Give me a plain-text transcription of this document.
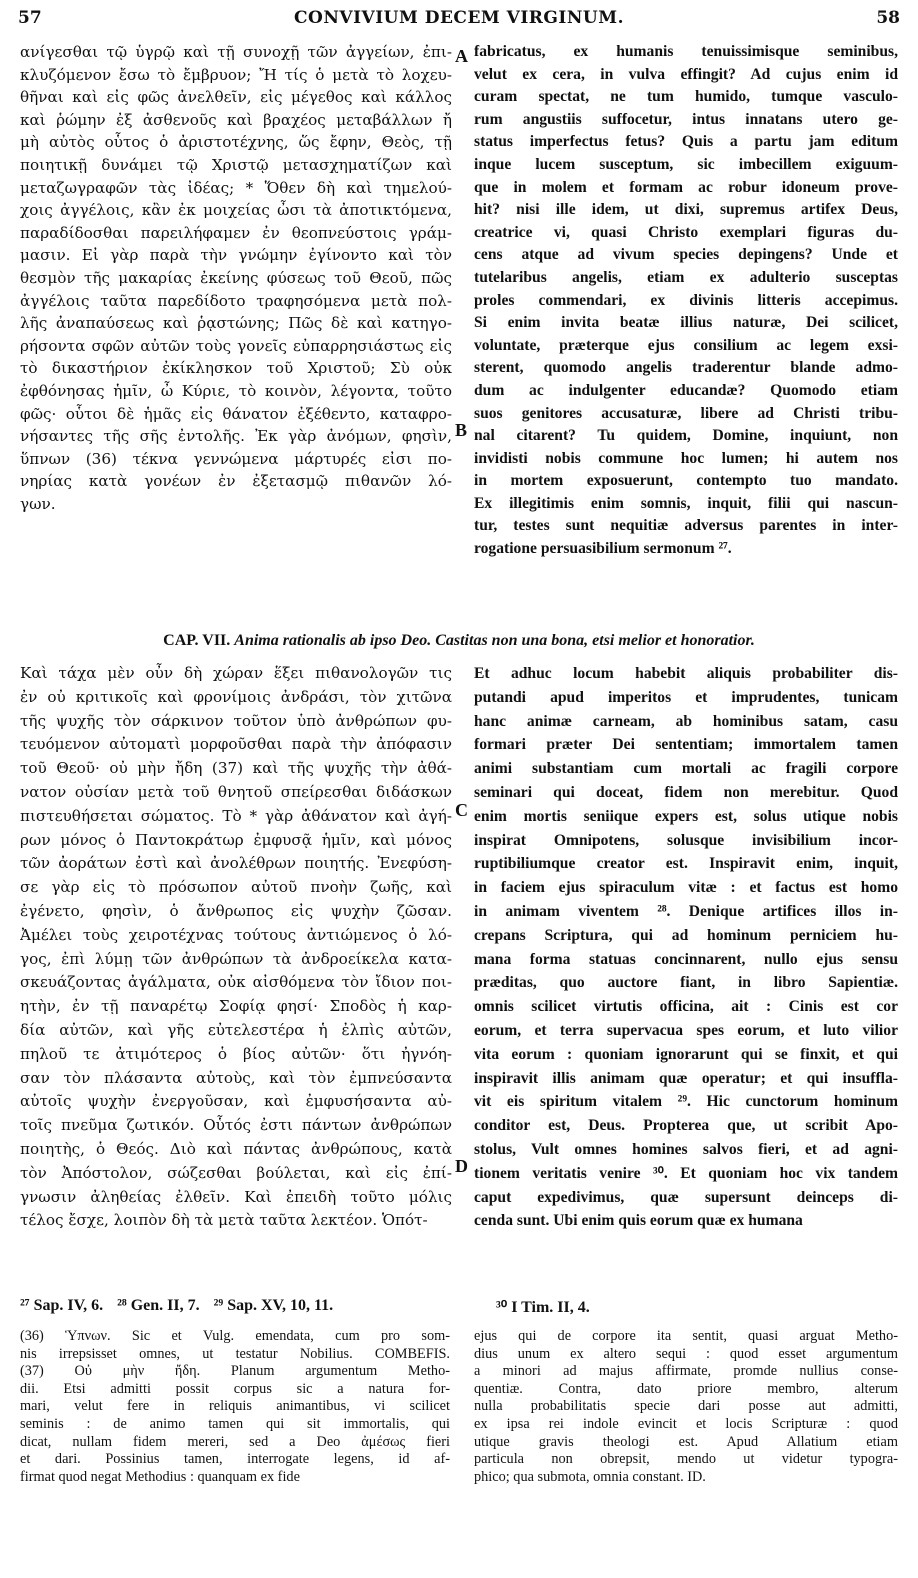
57	CONVIVIUM DECEM VIRGINUM.	58
ανίγεσθαι τῷ ὑγρῷ καὶ τῇ συνοχῇ τῶν ἀγγείων, ἐπι-
κλυζόμενον ἔσω τὸ ἔμβρυον; Ἤ τίς ὁ μετὰ τὸ λοχευ-
θῆναι καὶ εἰς φῶς ἀνελθεῖν, εἰς μέγεθος καὶ κάλλος
καὶ ῥώμην ἐξ ἀσθενοῦς καὶ βραχέος μεταβάλλων ἤ
μὴ αὐτὸς οὗτος ὁ ἀριστοτέχνης, ὥς ἔφην, Θεὸς, τῇ
ποιητικῇ δυνάμει τῷ Χριστῷ μετασχηματίζων καὶ
μεταζωγραφῶν τὰς ἰδέας; * Ὅθεν δὴ καὶ τημελού-
χοις ἀγγέλοις, κἂν ἐκ μοιχείας ὦσι τὰ ἀποτικτόμενα,
παραδίδοσθαι παρειλήφαμεν ἐν θεοπνεύστοις γράμ-
μασιν. Εἰ γὰρ παρὰ τὴν γνώμην ἐγίνοντο καὶ τὸν
θεσμὸν τῆς μακαρίας ἐκείνης φύσεως τοῦ Θεοῦ, πῶς
ἀγγέλοις ταῦτα παρεδίδοτο τραφησόμενα μετὰ πολ-
λῆς ἀναπαύσεως καὶ ῥᾳστώνης; Πῶς δὲ καὶ κατηγο-
ρήσοντα σφῶν αὐτῶν τοὺς γονεῖς εὐπαρρησιάστως εἰς
τὸ δικαστήριον ἐκίκλησκον τοῦ Χριστοῦ; Σὺ οὐκ
ἐφθόνησας ἡμῖν, ὦ Κύριε, τὸ κοινὸν, λέγοντα, τοῦτο
φῶς· οὗτοι δὲ ἡμᾶς εἰς θάνατον ἐξέθεντο, καταφρο-
νήσαντες τῆς σῆς ἐντολῆς. Ἐκ γὰρ ἀνόμων, φησὶν,
ὕπνων (36) τέκνα γεννώμενα μάρτυρές εἰσι πο-
νηρίας κατὰ γονέων ἐν ἐξετασμῷ πιθανῶν λό-
γων.
fabricatus, ex humanis tenuissimisque seminibus,
velut ex cera, in vulva effingit? Ad cujus enim id
curam spectat, ne tum humido, tumque vasculo-
rum angustiis suffocetur, intus innatans utero ge-
status imperfectus fetus? Quis a partu jam editum
inque lucem susceptum, sic imbecillem exiguum-
que in molem et formam ac robur idoneum prove-
hit? nisi ille idem, ut dixi, supremus artifex Deus,
creatrice vi, quasi Christo exemplari figuras du-
cens atque ad vivum species depingens? Unde et
tutelaribus angelis, etiam ex adulterio susceptas
proles commendari, ex divinis litteris accepimus.
Si enim invita beatæ illius naturæ, Dei scilicet,
voluntate, præterque ejus consilium ac legem exsi-
sterent, quomodo angelis traderentur blande admo-
dum ac indulgenter educandæ? Quomodo etiam
suos genitores accusaturæ, libere ad Christi tribu-
nal citarent? Tu quidem, Domine, inquiunt, non
invidisti nobis commune hoc lumen; hi autem nos
in mortem exposuerunt, contempto tuo mandato.
Ex illegitimis enim somnis, inquit, filii qui nascun-
tur, testes sunt nequitiæ adversus parentes in inter-
rogatione persuasibilium sermonum ²⁷.
A
B
CAP. VII. Anima rationalis ab ipso Deo. Castitas non una bona, etsi melior et honoratior.
Καὶ τάχα μὲν οὖν δὴ χώραν ἕξει πιθανολογῶν τις
ἐν οὐ κριτικοῖς καὶ φρονίμοις ἀνδράσι, τὸν χιτῶνα
τῆς ψυχῆς τὸν σάρκινον τοῦτον ὑπὸ ἀνθρώπων φυ-
τευόμενον αὐτοματὶ μορφοῦσθαι παρὰ τὴν ἀπόφασιν
τοῦ Θεοῦ· οὐ μὴν ἤδη (37) καὶ τῆς ψυχῆς τὴν ἀθά-
νατον οὐσίαν μετὰ τοῦ θνητοῦ σπείρεσθαι διδάσκων
πιστευθήσεται σώματος. Τὸ * γὰρ ἀθάνατον καὶ ἀγή-
ρων μόνος ὁ Παντοκράτωρ ἐμφυσᾷ ἡμῖν, καὶ μόνος
τῶν ἀοράτων ἐστὶ καὶ ἀνολέθρων ποιητής. Ἐνεφύση-
σε γὰρ εἰς τὸ πρόσωπον αὐτοῦ πνοὴν ζωῆς, καὶ
ἐγένετο, φησὶν, ὁ ἄνθρωπος εἰς ψυχὴν ζῶσαν.
Ἀμέλει τοὺς χειροτέχνας τούτους ἀντιώμενος ὁ λό-
γος, ἐπὶ λύμῃ τῶν ἀνθρώπων τὰ ἀνδροείκελα κατα-
σκευάζοντας ἀγάλματα, οὐκ αἰσθόμενα τὸν ἴδιον ποι-
ητὴν, ἐν τῇ παναρέτῳ Σοφίᾳ φησί· Σποδὸς ἡ καρ-
δία αὐτῶν, καὶ γῆς εὐτελεστέρα ἡ ἐλπὶς αὐτῶν,
πηλοῦ τε ἀτιμότερος ὁ βίος αὐτῶν· ὅτι ἠγνόη-
σαν τὸν πλάσαντα αὐτοὺς, καὶ τὸν ἐμπνεύσαντα
αὐτοῖς ψυχὴν ἐνεργοῦσαν, καὶ ἐμφυσήσαντα αὐ-
τοῖς πνεῦμα ζωτικόν. Οὗτός ἐστι πάντων ἀνθρώπων
ποιητὴς, ὁ Θεός. Διὸ καὶ πάντας ἀνθρώπους, κατὰ
τὸν Ἀπόστολον, σώζεσθαι βούλεται, καὶ εἰς ἐπί-
γνωσιν ἀληθείας ἐλθεῖν. Καὶ ἐπειδὴ τοῦτο μόλις
τέλος ἔσχε, λοιπὸν δὴ τὰ μετὰ ταῦτα λεκτέον. Ὁπότ-
Et adhuc locum habebit aliquis probabiliter dis-
putandi apud imperitos et imprudentes, tunicam
hanc animæ carneam, ab hominibus satam, casu
formari præter Dei sententiam; immortalem tamen
animi substantiam cum mortali ac fragili corpore
seminari qui doceat, fidem non merebitur. Quod
enim mortis seniique expers est, solus utique nobis
inspirat Omnipotens, solusque invisibilium incor-
ruptibiliumque creator est. Inspiravit enim, inquit,
in faciem ejus spiraculum vitæ : et factus est homo
in animam viventem ²⁸. Denique artifices illos in-
crepans Scriptura, qui ad hominum perniciem hu-
mana forma statuas concinnarent, nullo ejus sensu
præditas, quo auctore fiant, in libro Sapientiæ.
omnis scilicet virtutis officina, ait : Cinis est cor
eorum, et terra supervacua spes eorum, et luto vilior
vita eorum : quoniam ignorarunt qui se finxit, et qui
inspiravit illis animam quæ operatur; et qui insuffla-
vit eis spiritum vitalem ²⁹. Hic cunctorum hominum
conditor est, Deus. Propterea que, ut scribit Apo-
stolus, Vult omnes homines salvos fieri, et ad agni-
tionem veritatis venire ³⁰. Et quoniam hoc vix tandem
caput expedivimus, quæ supersunt deinceps di-
cenda sunt. Ubi enim quis eorum quæ ex humana
C
D
²⁷ Sap. IV, 6. ²⁸ Gen. II, 7. ²⁹ Sap. XV, 10, 11.	³⁰ I Tim. II, 4.
(36) Ὑπνων. Sic et Vulg. emendata, cum pro som-
nis irrepsisset omnes, ut testatur Nobilius. COMBEFIS.
(37) Οὐ μὴν ἤδη. Planum argumentum Metho-
dii. Etsi admitti possit corpus sic a natura for-
mari, velut fere in reliquis animantibus, vi scilicet
seminis : de animo tamen qui sit immortalis, qui
dicat, nullam fidem mereri, sed a Deo ἀμέσως fieri
et dari. Possinius tamen, interrogate legens, id af-
firmat quod negat Methodius : quanquam ex fide
ejus qui de corpore ita sentit, quasi arguat Metho-
dius unum ex altero sequi : quod esset argumentum
a minori ad majus affirmate, promde nullius conse-
quentiæ. Contra, dato priore membro, alterum
nulla probabilitatis specie dari posse aut admitti,
ex ipsa rei indole evincit et locis Scripturæ : quod
utique gravis theologi est. Apud Allatium etiam
particula non obrepsit, mendo ut videtur typogra-
phico; qua submota, omnia constant. ID.
